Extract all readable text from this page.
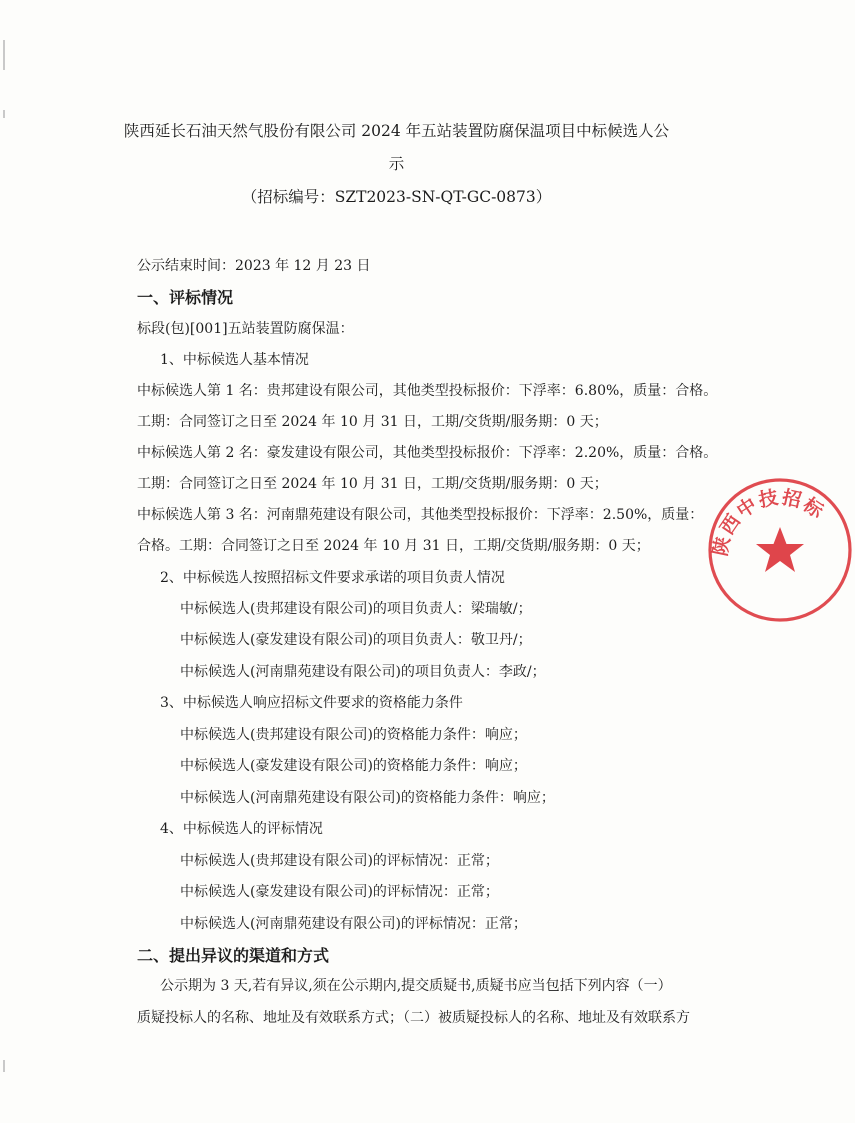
陕西延长石油天然气股份有限公司 2024 年五站装置防腐保温项目中标候选人公
示
（招标编号：SZT2023-SN-QT-GC-0873）
公示结束时间：2023 年 12 月 23 日
一、评标情况
标段(包)[001]五站装置防腐保温：
1、中标候选人基本情况
中标候选人第 1 名：贵邦建设有限公司，其他类型投标报价：下浮率：6.80%，质量：合格。
工期：合同签订之日至 2024 年 10 月 31 日，工期/交货期/服务期：0 天；
中标候选人第 2 名：豪发建设有限公司，其他类型投标报价：下浮率：2.20%，质量：合格。
工期：合同签订之日至 2024 年 10 月 31 日，工期/交货期/服务期：0 天；
中标候选人第 3 名：河南鼎苑建设有限公司，其他类型投标报价：下浮率：2.50%，质量：
合格。工期：合同签订之日至 2024 年 10 月 31 日，工期/交货期/服务期：0 天；
2、中标候选人按照招标文件要求承诺的项目负责人情况
中标候选人(贵邦建设有限公司)的项目负责人：梁瑞敏/；
中标候选人(豪发建设有限公司)的项目负责人：敬卫丹/；
中标候选人(河南鼎苑建设有限公司)的项目负责人：李政/；
3、中标候选人响应招标文件要求的资格能力条件
中标候选人(贵邦建设有限公司)的资格能力条件：响应；
中标候选人(豪发建设有限公司)的资格能力条件：响应；
中标候选人(河南鼎苑建设有限公司)的资格能力条件：响应；
4、中标候选人的评标情况
中标候选人(贵邦建设有限公司)的评标情况：正常；
中标候选人(豪发建设有限公司)的评标情况：正常；
中标候选人(河南鼎苑建设有限公司)的评标情况：正常；
二、提出异议的渠道和方式
公示期为 3 天,若有异议,须在公示期内,提交质疑书,质疑书应当包括下列内容（一）
质疑投标人的名称、地址及有效联系方式；（二）被质疑投标人的名称、地址及有效联系方
陕西中技招标
